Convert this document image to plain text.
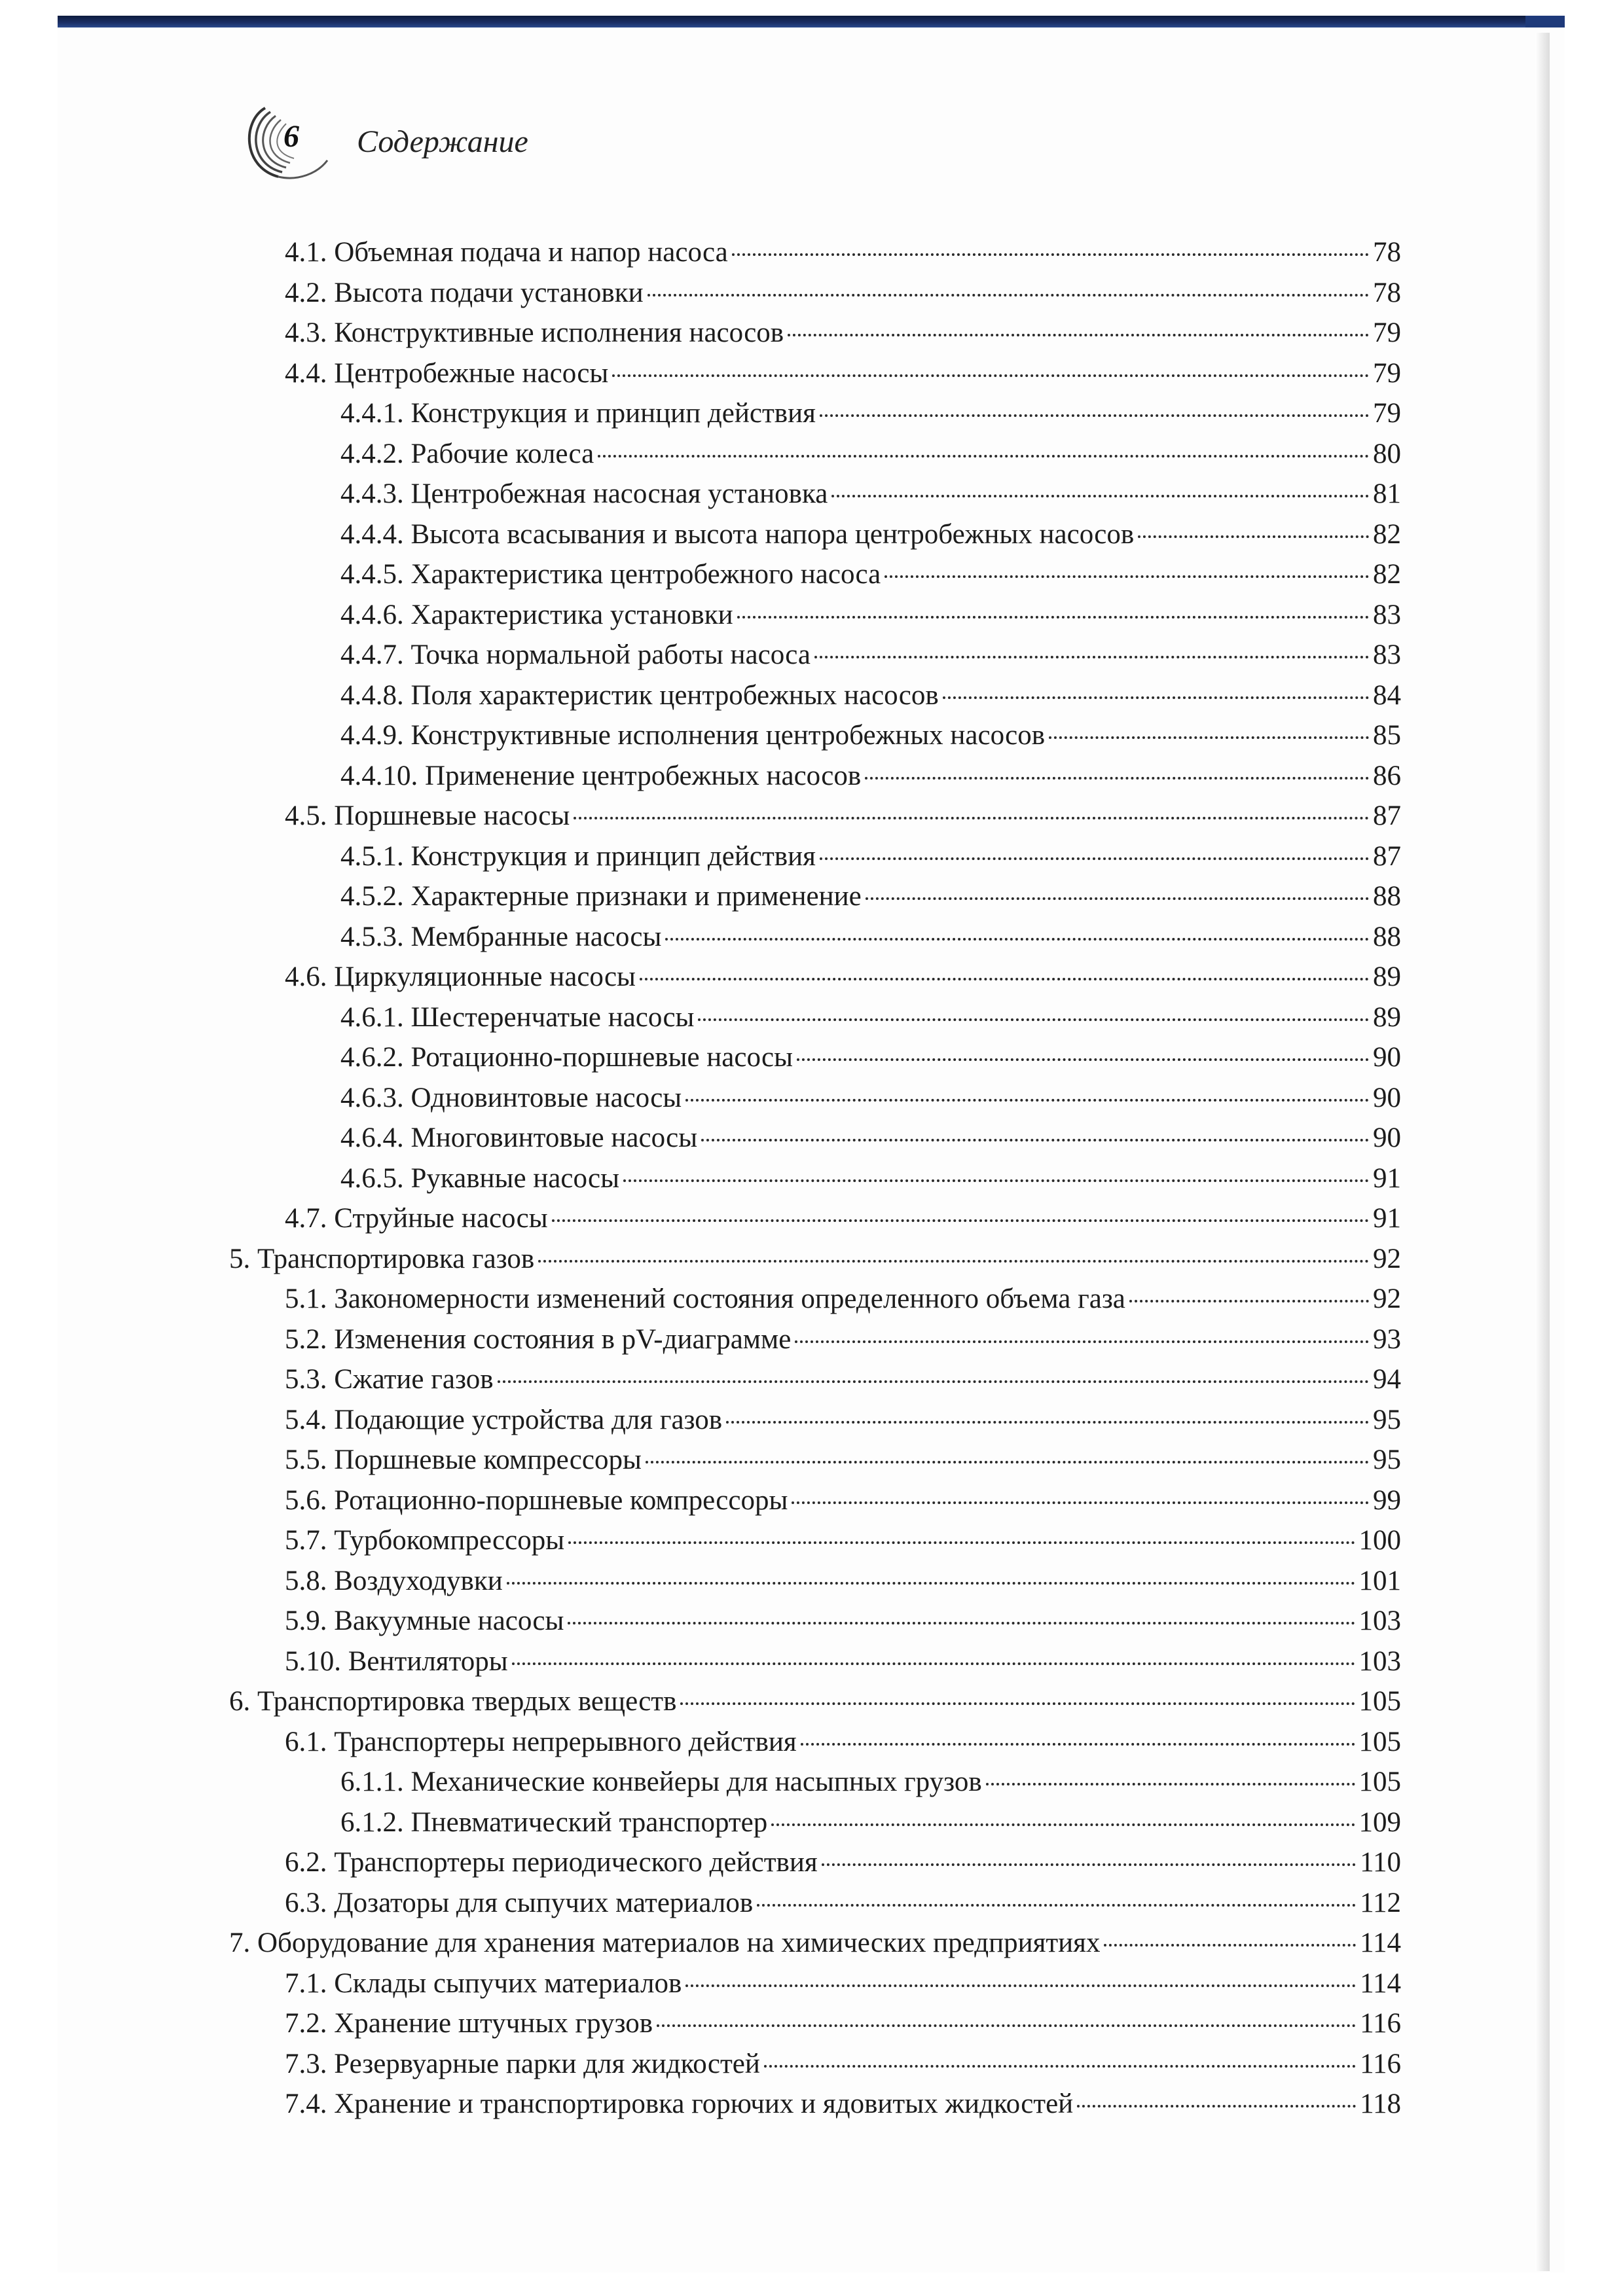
6 Содержание
4.1. Объемная подача и напор насоса	78
4.2. Высота подачи установки	78
4.3. Конструктивные исполнения насосов	79
4.4. Центробежные насосы	79
4.4.1. Конструкция и принцип действия	79
4.4.2. Рабочие колеса	80
4.4.3. Центробежная насосная установка	81
4.4.4. Высота всасывания и высота напора центробежных насосов	82
4.4.5. Характеристика центробежного насоса	82
4.4.6. Характеристика установки	83
4.4.7. Точка нормальной работы насоса	83
4.4.8. Поля характеристик центробежных насосов	84
4.4.9. Конструктивные исполнения центробежных насосов	85
4.4.10. Применение центробежных насосов	86
4.5. Поршневые насосы	87
4.5.1. Конструкция и принцип действия	87
4.5.2. Характерные признаки и применение	88
4.5.3. Мембранные насосы	88
4.6. Циркуляционные насосы	89
4.6.1. Шестеренчатые насосы	89
4.6.2. Ротационно-поршневые насосы	90
4.6.3. Одновинтовые насосы	90
4.6.4. Многовинтовые насосы	90
4.6.5. Рукавные насосы	91
4.7. Струйные насосы	91
5. Транспортировка газов	92
5.1. Закономерности изменений состояния определенного объема газа	92
5.2. Изменения состояния в pV-диаграмме	93
5.3. Сжатие газов	94
5.4. Подающие устройства для газов	95
5.5. Поршневые компрессоры	95
5.6. Ротационно-поршневые компрессоры	99
5.7. Турбокомпрессоры	100
5.8. Воздуходувки	101
5.9. Вакуумные насосы	103
5.10. Вентиляторы	103
6. Транспортировка твердых веществ	105
6.1. Транспортеры непрерывного действия	105
6.1.1. Механические конвейеры для насыпных грузов	105
6.1.2. Пневматический транспортер	109
6.2. Транспортеры периодического действия	110
6.3. Дозаторы для сыпучих материалов	112
7. Оборудование для хранения материалов на химических предприятиях	114
7.1. Склады сыпучих материалов	114
7.2. Хранение штучных грузов	116
7.3. Резервуарные парки для жидкостей	116
7.4. Хранение и транспортировка горючих и ядовитых жидкостей	118
